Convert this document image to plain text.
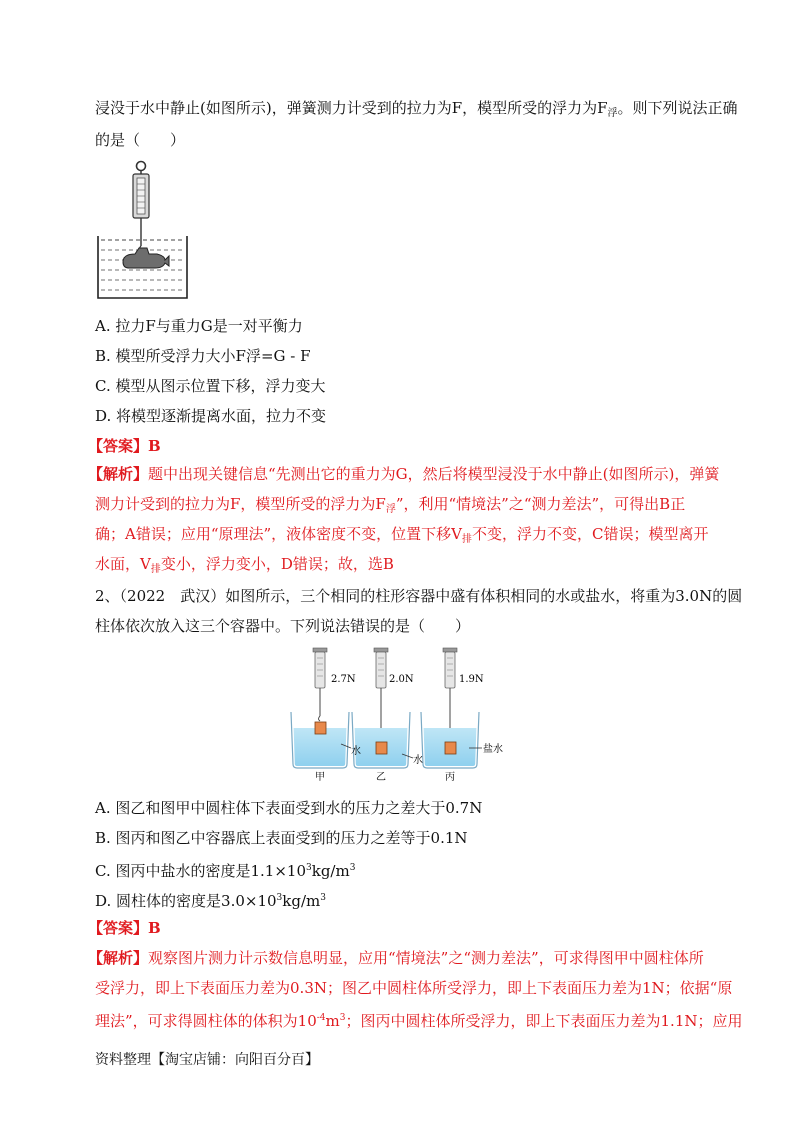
浸没于水中静止(如图所示)，弹簧测力计受到的拉力为F，模型所受的浮力为$F_浮$。则下列说法正确
的是（　　）
A. 拉力F与重力G是一对平衡力
B. 模型所受浮力大小F浮=G - F
C. 模型从图示位置下移，浮力变大
D. 将模型逐渐提离水面，拉力不变
【答案】B
【解析】题中出现关键信息“先测出它的重力为G，然后将模型浸没于水中静止(如图所示)，弹簧
测力计受到的拉力为F，模型所受的浮力为$F_浮$”，利用“情境法”之“测力差法”，可得出B正
确；A错误；应用“原理法”，液体密度不变，位置下移$V_排$不变，浮力不变，C错误；模型离开
水面，$V_排$变小，浮力变小，D错误；故，选B
2、（2022　武汉）如图所示，三个相同的柱形容器中盛有体积相同的水或盐水，将重为3.0N的圆
柱体依次放入这三个容器中。下列说法错误的是（　　）
2.7N	2.0N	1.9N
水
水
盐水
甲	乙	丙
A. 图乙和图甲中圆柱体下表面受到水的压力之差大于0.7N
B. 图丙和图乙中容器底上表面受到的压力之差等于0.1N
C. 图丙中盐水的密度是$1.1\times 10^3kg/m^3$
D. 圆柱体的密度是$3.0\times 10^3kg/m^3$
【答案】B
【解析】观察图片测力计示数信息明显，应用“情境法”之“测力差法”，可求得图甲中圆柱体所
受浮力，即上下表面压力差为0.3N；图乙中圆柱体所受浮力，即上下表面压力差为1N；依据“原
理法”，可求得圆柱体的体积为$10^{-4}m^3$；图丙中圆柱体所受浮力，即上下表面压力差为1.1N；应用
资料整理【淘宝店铺：向阳百分百】
